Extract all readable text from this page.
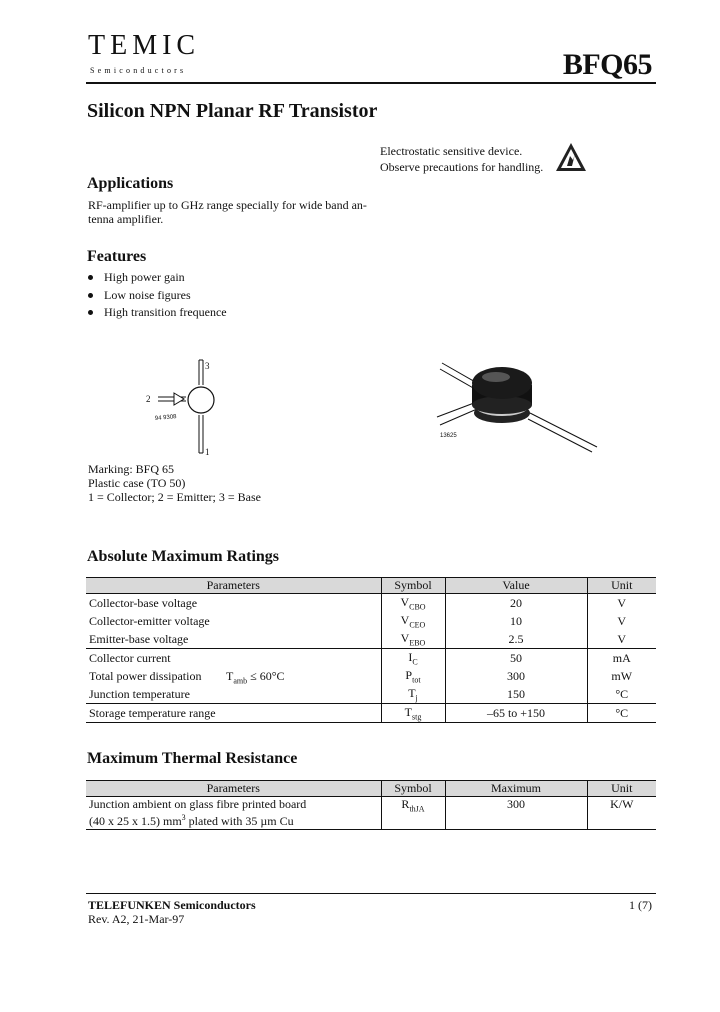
TEMIC
Semiconductors	BFQ65
Silicon NPN Planar RF Transistor
Electrostatic sensitive device.
Observe precautions for handling.
Applications
RF-amplifier up to GHz range specially for wide band an-
tenna amplifier.
Features
High power gain
Low noise figures
High transition frequence
94 9308
3
2
1
13625
Marking: BFQ 65
Plastic case (TO 50)
1 = Collector; 2 = Emitter; 3 = Base
Absolute Maximum Ratings
Parameters	Symbol	Value	Unit
Collector-base voltage	$V_{CBO}$	20	V
Collector-emitter voltage	$V_{CEO}$	10	V
Emitter-base voltage	$V_{EBO}$	2.5	V
Collector current	$I_C$	50	mA
Total power dissipation $T_{amb} \le 60^\circ C$	$P_{tot}$	300	mW
Junction temperature	$T_j$	150	°C
Storage temperature range	$T_{stg}$	–65 to +150	°C
Maximum Thermal Resistance
Parameters	Symbol	Maximum	Unit

Junction ambient on glass fibre printed board
(40 x 25 x 1.5) $mm^3$ plated with 35 µm Cu	$R_{thJA}$	300	K/W
TELEFUNKEN Semiconductors
Rev. A2, 21-Mar-97
1 (7)
